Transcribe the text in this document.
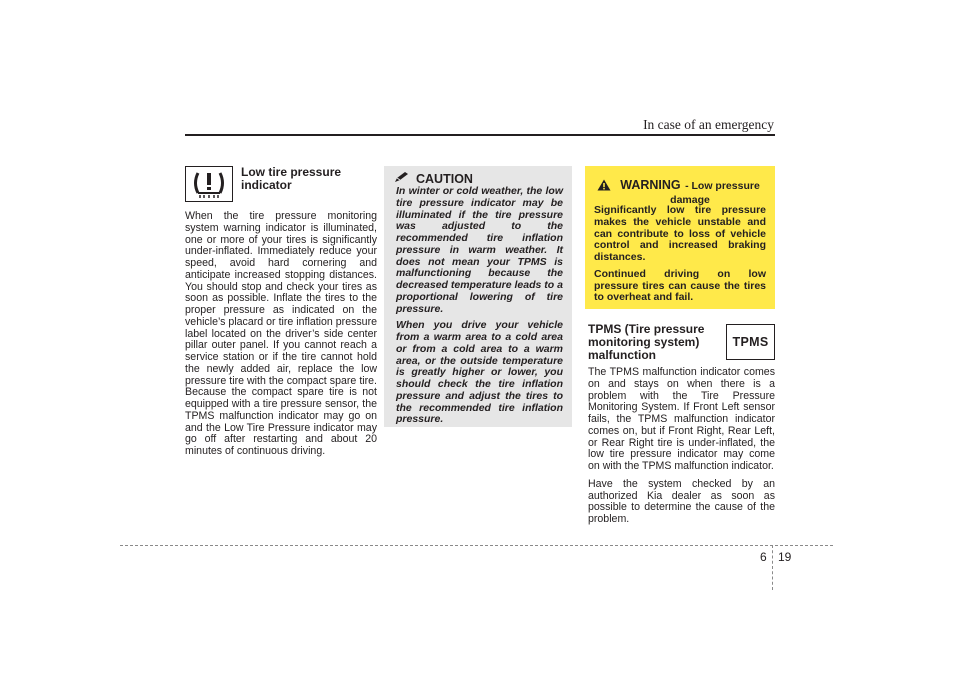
In case of an emergency
Low tire pressure
indicator
When the tire pressure monitoring system warning indicator is illuminated, one or more of your tires is significantly under-inflated. Immediately reduce your speed, avoid hard cornering and anticipate increased stopping distances. You should stop and check your tires as soon as possible. Inflate the tires to the proper pressure as indicated on the vehicle’s placard or tire inflation pressure label located on the driver’s side center pillar outer panel. If you cannot reach a service station or if the tire cannot hold the newly added air, replace the low pressure tire with the compact spare tire. Because the compact spare tire is not equipped with a tire pressure sensor, the TPMS malfunction indicator may go on and the Low Tire Pressure indicator may go off after restarting and about 20 minutes of continuous driving.
CAUTION

In winter or cold weather, the low tire pressure indicator may be illuminated if the tire pressure was adjusted to the recommended tire inflation pressure in warm weather. It does not mean your TPMS is malfunctioning because the decreased temperature leads to a proportional lowering of tire pressure.

When you drive your vehicle from a warm area to a cold area or from a cold area to a warm area, or the outside temperature is greatly higher or lower, you should check the tire inflation pressure and adjust the tires to the recommended tire inflation pressure.

WARNING - Low pressure
damage

Significantly low tire pressure makes the vehicle unstable and can contribute to loss of vehicle control and increased braking distances.

Continued driving on low pressure tires can cause the tires to overheat and fail.

TPMS (Tire pressure
monitoring system)
malfunction
TPMS

The TPMS malfunction indicator comes on and stays on when there is a problem with the Tire Pressure Monitoring System. If Front Left sensor fails, the TPMS malfunction indicator comes on, but if Front Right, Rear Left, or Rear Right tire is under-inflated, the low tire pressure indicator may come on with the TPMS malfunction indicator.

Have the system checked by an authorized Kia dealer as soon as possible to determine the cause of the problem.

6 19
